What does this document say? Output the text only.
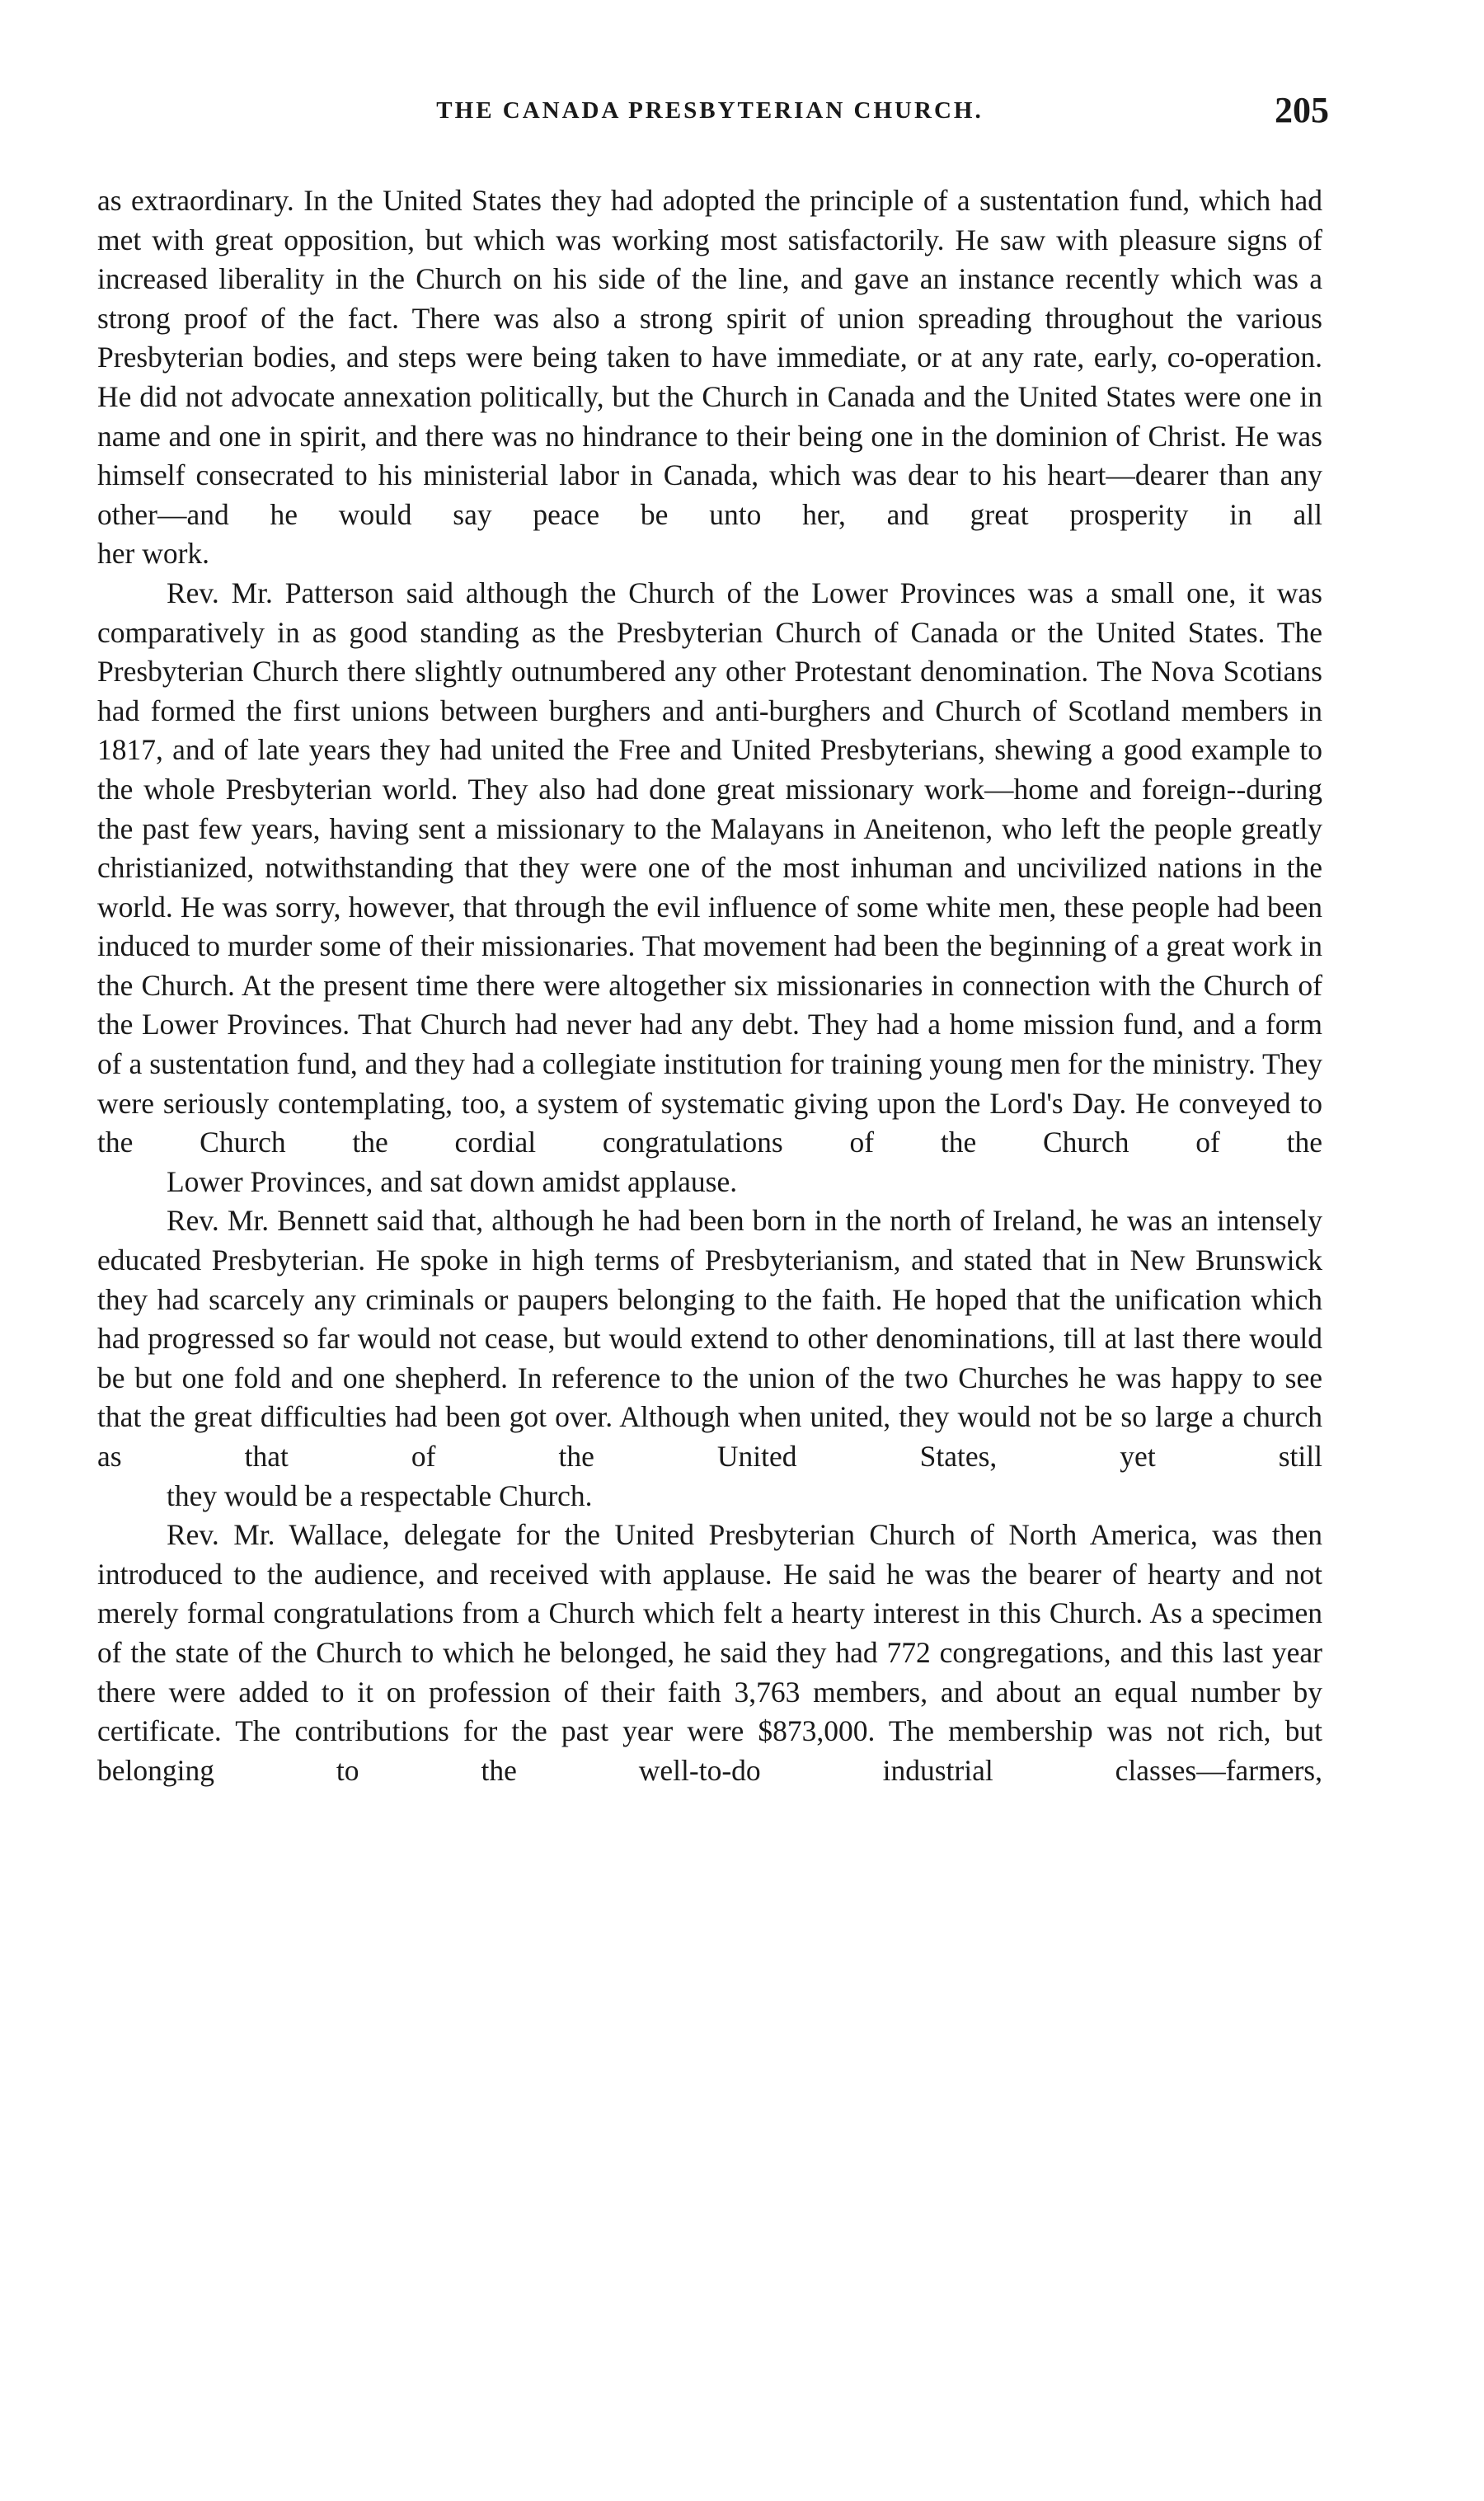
THE CANADA PRESBYTERIAN CHURCH.	205

as extraordinary. In the United States they had adopted the principle of a sustentation fund, which had met with great opposition, but which was working most satisfactorily. He saw with pleasure signs of increased liberality in the Church on his side of the line, and gave an instance recently which was a strong proof of the fact. There was also a strong spirit of union spreading throughout the various Presbyterian bodies, and steps were being taken to have immediate, or at any rate, early, co-operation. He did not advocate annexation politically, but the Church in Canada and the United States were one in name and one in spirit, and there was no hindrance to their being one in the dominion of Christ. He was himself consecrated to his ministerial labor in Canada, which was dear to his heart—dearer than any other—and he would say peace be unto her, and great prosperity in all
her work.

Rev. Mr. Patterson said although the Church of the Lower Provinces was a small one, it was comparatively in as good standing as the Presbyterian Church of Canada or the United States. The Presbyterian Church there slightly outnumbered any other Protestant denomination. The Nova Scotians had formed the first unions between burghers and anti-burghers and Church of Scotland members in 1817, and of late years they had united the Free and United Presbyterians, shewing a good example to the whole Presbyterian world. They also had done great missionary work—home and foreign--during the past few years, having sent a missionary to the Malayans in Aneitenon, who left the people greatly christianized, notwithstanding that they were one of the most inhuman and uncivilized nations in the world. He was sorry, however, that through the evil influence of some white men, these people had been induced to murder some of their missionaries. That movement had been the beginning of a great work in the Church. At the present time there were altogether six missionaries in connection with the Church of the Lower Provinces. That Church had never had any debt. They had a home mission fund, and a form of a sustentation fund, and they had a collegiate institution for training young men for the ministry. They were seriously contemplating, too, a system of systematic giving upon the Lord's Day. He conveyed to the Church the cordial congratulations of the Church of the
Lower Provinces, and sat down amidst applause.

Rev. Mr. Bennett said that, although he had been born in the north of Ireland, he was an intensely educated Presbyterian. He spoke in high terms of Presbyterianism, and stated that in New Brunswick they had scarcely any criminals or paupers belonging to the faith. He hoped that the unification which had progressed so far would not cease, but would extend to other denominations, till at last there would be but one fold and one shepherd. In reference to the union of the two Churches he was happy to see that the great difficulties had been got over. Although when united, they would not be so large a church as that of the United States, yet still
they would be a respectable Church.

Rev. Mr. Wallace, delegate for the United Presbyterian Church of North America, was then introduced to the audience, and received with applause. He said he was the bearer of hearty and not merely formal congratulations from a Church which felt a hearty interest in this Church. As a specimen of the state of the Church to which he belonged, he said they had 772 congregations, and this last year there were added to it on profession of their faith 3,763 members, and about an equal number by certificate. The contributions for the past year were $873,000. The membership was not rich, but belonging to the well-to-do industrial classes—farmers,
